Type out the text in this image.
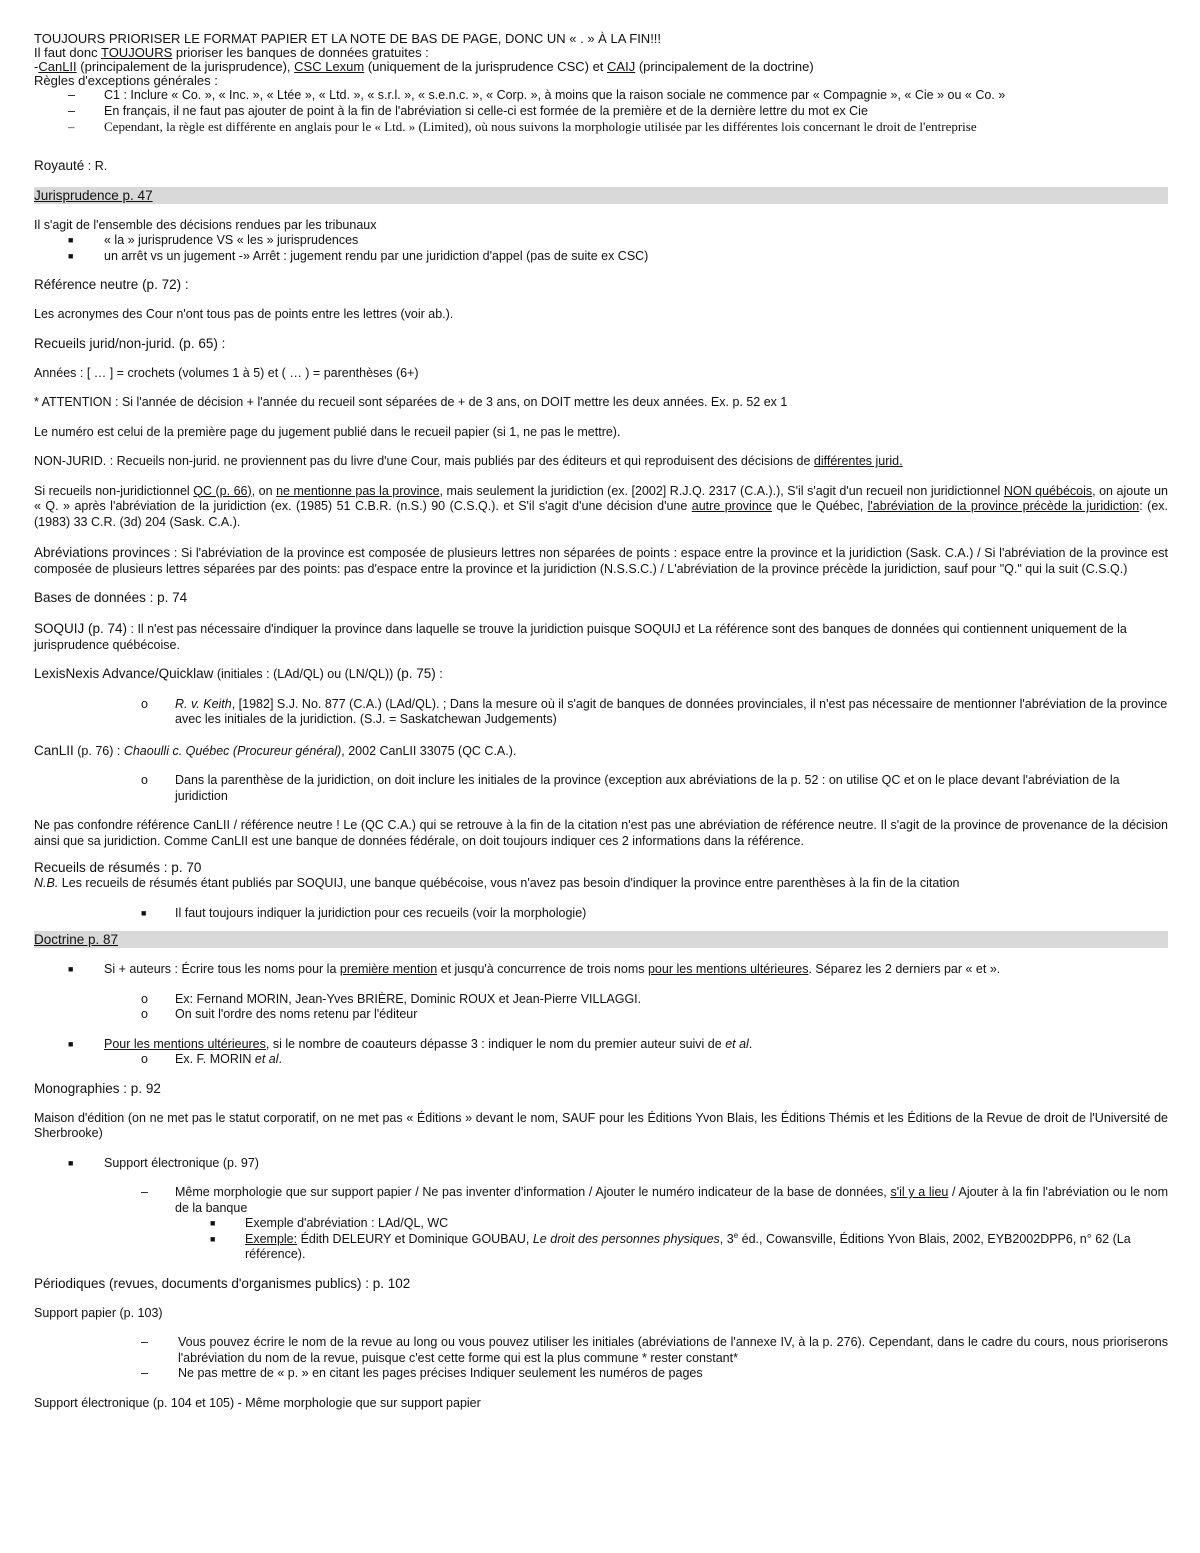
TOUJOURS PRIORISER LE FORMAT PAPIER ET LA NOTE DE BAS DE PAGE, DONC UN « . » À LA FIN!!!

Il faut donc TOUJOURS prioriser les banques de données gratuites :

-CanLII (principalement de la jurisprudence), CSC Lexum (uniquement de la jurisprudence CSC) et CAIJ (principalement de la doctrine)

Règles d'exceptions générales :

– C1 : Inclure « Co. », « Inc. », « Ltée », « Ltd. », « s.r.l. », « s.e.n.c. », « Corp. », à moins que la raison sociale ne commence par « Compagnie », « Cie » ou « Co. »
– En français, il ne faut pas ajouter de point à la fin de l'abréviation si celle-ci est formée de la première et de la dernière lettre du mot ex Cie
– Cependant, la règle est différente en anglais pour le « Ltd. » (Limited), où nous suivons la morphologie utilisée par les différentes lois concernant le droit de l'entreprise

Royauté : R.

Jurisprudence p. 47

Il s'agit de l'ensemble des décisions rendues par les tribunaux

■ « la » jurisprudence VS « les » jurisprudences
■ un arrêt vs un jugement -» Arrêt : jugement rendu par une juridiction d'appel (pas de suite ex CSC)

Référence neutre (p. 72) :

Les acronymes des Cour n'ont tous pas de points entre les lettres (voir ab.).

Recueils jurid/non-jurid. (p. 65) :

Années : [ … ] = crochets (volumes 1 à 5) et ( … ) = parenthèses (6+)

* ATTENTION : Si l'année de décision + l'année du recueil sont séparées de + de 3 ans, on DOIT mettre les deux années. Ex. p. 52 ex 1

Le numéro est celui de la première page du jugement publié dans le recueil papier (si 1, ne pas le mettre).

NON-JURID. : Recueils non-jurid. ne proviennent pas du livre d'une Cour, mais publiés par des éditeurs et qui reproduisent des décisions de différentes jurid.

Si recueils non-juridictionnel QC (p. 66), on ne mentionne pas la province, mais seulement la juridiction (ex. [2002] R.J.Q. 2317 (C.A.).), S'il s'agit d'un recueil non juridictionnel NON québécois, on ajoute un « Q. » après l'abréviation de la juridiction (ex. (1985) 51 C.B.R. (n.S.) 90 (C.S.Q.). et S'il s'agit d'une décision d'une autre province que le Québec, l'abréviation de la province précède la juridiction: (ex. (1983) 33 C.R. (3d) 204 (Sask. C.A.).

Abréviations provinces : Si l'abréviation de la province est composée de plusieurs lettres non séparées de points : espace entre la province et la juridiction (Sask. C.A.) / Si l'abréviation de la province est composée de plusieurs lettres séparées par des points: pas d'espace entre la province et la juridiction (N.S.S.C.) / L'abréviation de la province précède la juridiction, sauf pour "Q." qui la suit (C.S.Q.)

Bases de données : p. 74

SOQUIJ (p. 74) : Il n'est pas nécessaire d'indiquer la province dans laquelle se trouve la juridiction puisque SOQUIJ et La référence sont des banques de données qui contiennent uniquement de la jurisprudence québécoise.

LexisNexis Advance/Quicklaw (initiales : (LAd/QL) ou (LN/QL)) (p. 75) :

o R. v. Keith, [1982] S.J. No. 877 (C.A.) (LAd/QL). ; Dans la mesure où il s'agit de banques de données provinciales, il n'est pas nécessaire de mentionner l'abréviation de la province avec les initiales de la juridiction. (S.J. = Saskatchewan Judgements)

CanLII (p. 76) : Chaoulli c. Québec (Procureur général), 2002 CanLII 33075 (QC C.A.).

o Dans la parenthèse de la juridiction, on doit inclure les initiales de la province (exception aux abréviations de la p. 52 : on utilise QC et on le place devant l'abréviation de la juridiction

Ne pas confondre référence CanLII / référence neutre ! Le (QC C.A.) qui se retrouve à la fin de la citation n'est pas une abréviation de référence neutre. Il s'agit de la province de provenance de la décision ainsi que sa juridiction. Comme CanLII est une banque de données fédérale, on doit toujours indiquer ces 2 informations dans la référence.

Recueils de résumés : p. 70

N.B. Les recueils de résumés étant publiés par SOQUIJ, une banque québécoise, vous n'avez pas besoin d'indiquer la province entre parenthèses à la fin de la citation

■ Il faut toujours indiquer la juridiction pour ces recueils (voir la morphologie)

Doctrine p. 87

■ Si + auteurs : Écrire tous les noms pour la première mention et jusqu'à concurrence de trois noms pour les mentions ultérieures. Séparez les 2 derniers par « et ».
o Ex: Fernand MORIN, Jean-Yves BRIÈRE, Dominic ROUX et Jean-Pierre VILLAGGI.
o On suit l'ordre des noms retenu par l'éditeur
■ Pour les mentions ultérieures, si le nombre de coauteurs dépasse 3 : indiquer le nom du premier auteur suivi de et al.
o Ex. F. MORIN et al.

Monographies : p. 92

Maison d'édition (on ne met pas le statut corporatif, on ne met pas « Éditions » devant le nom, SAUF pour les Éditions Yvon Blais, les Éditions Thémis et les Éditions de la Revue de droit de l'Université de Sherbrooke)

■ Support électronique (p. 97)
– Même morphologie que sur support papier / Ne pas inventer d'information / Ajouter le numéro indicateur de la base de données, s'il y a lieu / Ajouter à la fin l'abréviation ou le nom de la banque
■ Exemple d'abréviation : LAd/QL, WC
■ Exemple: Édith DELEURY et Dominique GOUBAU, Le droit des personnes physiques, 3e éd., Cowansville, Éditions Yvon Blais, 2002, EYB2002DPP6, n° 62 (La référence).

Périodiques (revues, documents d'organismes publics) : p. 102

Support papier (p. 103)

– Vous pouvez écrire le nom de la revue au long ou vous pouvez utiliser les initiales (abréviations de l'annexe IV, à la p. 276). Cependant, dans le cadre du cours, nous prioriserons l'abréviation du nom de la revue, puisque c'est cette forme qui est la plus commune * rester constant*
– Ne pas mettre de « p. » en citant les pages précises Indiquer seulement les numéros de pages

Support électronique (p. 104 et 105) - Même morphologie que sur support papier
